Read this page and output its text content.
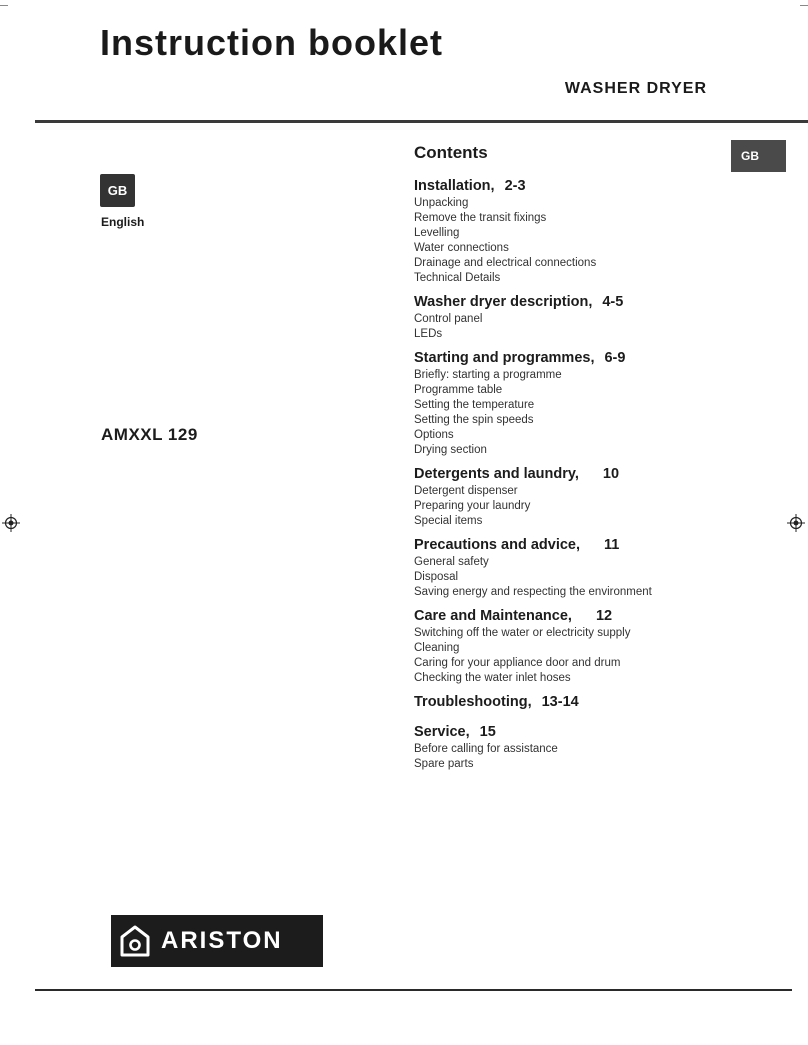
Instruction booklet
WASHER DRYER
GB
GB
English
AMXXL 129
Contents
Installation, 2-3
Unpacking
Remove the transit fixings
Levelling
Water connections
Drainage and electrical connections
Technical Details
Washer dryer description, 4-5
Control panel
LEDs
Starting and programmes, 6-9
Briefly: starting a programme
Programme table
Setting the temperature
Setting the spin speeds
Options
Drying section
Detergents and laundry, 10
Detergent dispenser
Preparing your laundry
Special items
Precautions and advice, 11
General safety
Disposal
Saving energy and respecting the environment
Care and Maintenance, 12
Switching off the water or electricity supply
Cleaning
Caring for your appliance door and drum
Checking the water inlet hoses
Troubleshooting, 13-14
Service, 15
Before calling for assistance
Spare parts
ARISTON
